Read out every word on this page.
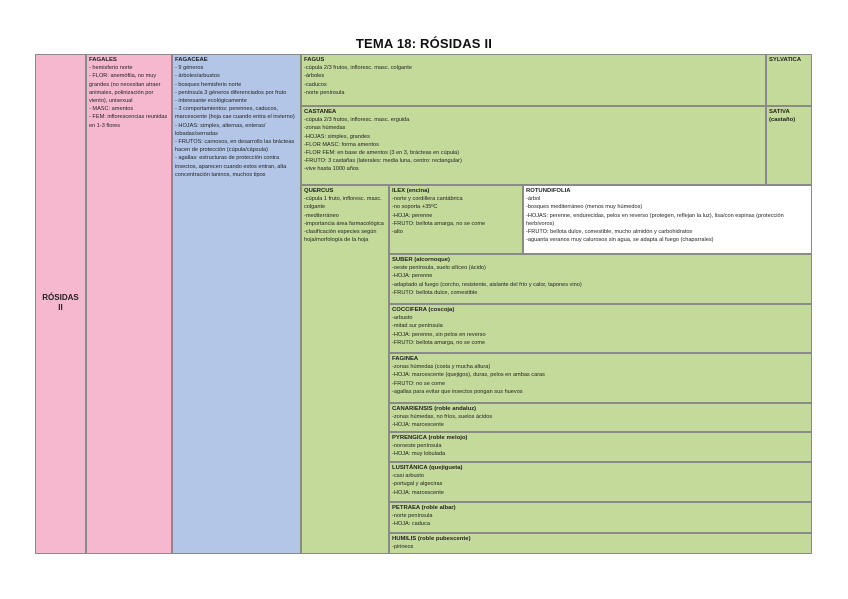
TEMA 18: RÓSIDAS II
RÓSIDAS
II
FAGALES
- hemisferio norte
- FLOR: anemófila, no muy grandes (no necesitan atraer animales, polinización por viento), unisexual
- MASC: amentos
- FEM: inflorescencias reunidas en 1-3 flores
FAGACEAE
- 9 géneros
- árboles/arbustos
- bosques hemisferio norte
- península 3 géneros diferenciados por fruto
- interesante ecológicamente
- 3 comportamientos: perennes, caducos, marcescente (hoja cae cuando entra el invierno)
- HOJAS: simples, alternas, enteras/ lobadas/serradas
- FRUTOS: carnosos, en desarrollo las brácteas hacen de protección (cúpula/cápsula)
- agallas: estructuras de protección contra insectos, aparecen cuando estos entran, alta concentración taninos, muchos tipos
FAGUS
-cúpula 2/3 frutos, infloresc. masc. colgante
-árboles
-caducos
-norte península
SYLVATICA
CASTANEA
-cúpula 2/3 frutos, infloresc. masc. erguida
-zonas húmedas
-HOJAS: simples, grandes
-FLOR MASC: forma amentos
-FLOR FEM: en base de amentos (3 en 3, brácteas en cúpula)
-FRUTO: 3 castañas (laterales: media luna, centro: rectangular)
-vive hasta 1000 años
SATIVA
(castaño)
QUERCUS
-cúpula 1 fruto, infloresc. masc. colgante
-mediterráneo
-importancia área farmacológica
-clasificación especies según hoja/morfología de la hoja
ILEX (encina)
-norte y cordillera cantábrica
-no soporta +35ºC
-HOJA: perenne
-FRUTO: bellota amarga, no se come
-alto
ROTUNDIFOLIA
-árbol
-bosques mediterráneo (menos muy húmedos)
-HOJAS: perenne, endurecidas, pelos en reverso (protegen, reflejan la luz), lisa/con espinas (protección herbívoros)
-FRUTO: bellota dulce, comestible, mucho almidón y carbohidratos
-aguanta veranos muy calurosos sin agua, se adapta al fuego (chaparrales)
SUBER (alcornoque)
-oeste península, suelo silíceo (ácido)
-HOJA: perenne
-adaptado al fuego (corcho, resistente, aislante del frío y calor, tapones vino)
-FRUTO: bellota dulce, comestible
COCCIFERA (coscoja)
-arbusto
-mitad sur península
-HOJA: perenne, sin pelos en reverso
-FRUTO: bellota amarga, no se come
FAGINEA
-zonas húmedas (costa y mucha altura)
-HOJA: marcescente (quejigos), duras, pelos en ambas caras
-FRUTO: no se come
-agallas para evitar que insectos pongan sus huevos
CANARIENSIS (roble andaluz)
-zonas húmedas, no fríos, suelos ácidos
-HOJA: marcescente
PYRENGICA (roble melojo)
-noroeste península
-HOJA: muy lobulada
LUSITÁNICA (quejigueta)
-casi arbusto
-portugal y algeciras
-HOJA: marcescente
PETRAEA (roble albar)
-norte península
-HOJA: caduca
HUMILIS (roble pubescente)
-pirineos
